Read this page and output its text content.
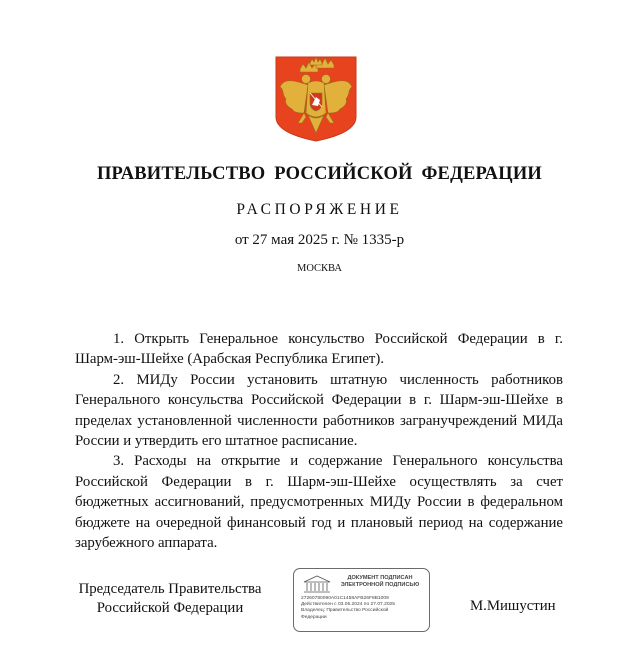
ПРАВИТЕЛЬСТВО РОССИЙСКОЙ ФЕДЕРАЦИИ
РАСПОРЯЖЕНИЕ
от 27 мая 2025 г. № 1335-р
МОСКВА

1. Открыть Генеральное консульство Российской Федерации в г. Шарм-эш-Шейхе (Арабская Республика Египет).

2. МИДу России установить штатную численность работников Генерального консульства Российской Федерации в г. Шарм-эш-Шейхе в пределах установленной численности работников загранучреждений МИДа России и утвердить его штатное расписание.

3. Расходы на открытие и содержание Генерального консульства Российской Федерации в г. Шарм-эш-Шейхе осуществлять за счет бюджетных ассигнований, предусмотренных МИДу России в федеральном бюджете на очередной финансовый год и плановый период на содержание зарубежного аппарата.

Председатель Правительства
Российской Федерации
ДОКУМЕНТ ПОДПИСАН
ЭЛЕКТРОННОЙ ПОДПИСЬЮ
27260780090A01C1458AFB26F8B1009
Действителен с 03.05.2024 по 27.07.2025
Владелец: Правительство Российской
Федерации
М.Мишустин
